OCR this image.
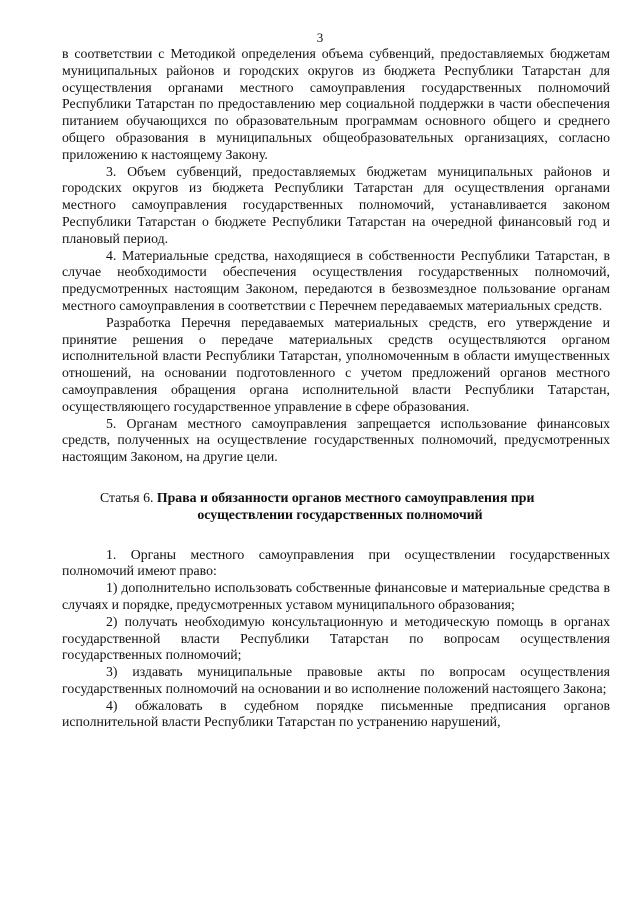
3

в соответствии с Методикой определения объема субвенций, предоставляемых бюджетам муниципальных районов и городских округов из бюджета Республики Татарстан для осуществления органами местного самоуправления государственных полномочий Республики Татарстан по предоставлению мер социальной поддержки в части обеспечения питанием обучающихся по образовательным программам основного общего и среднего общего образования в муниципальных общеобразовательных организациях, согласно приложению к настоящему Закону.

3. Объем субвенций, предоставляемых бюджетам муниципальных районов и городских округов из бюджета Республики Татарстан для осуществления органами местного самоуправления государственных полномочий, устанавливается законом Республики Татарстан о бюджете Республики Татарстан на очередной финансовый год и плановый период.

4. Материальные средства, находящиеся в собственности Республики Татарстан, в случае необходимости обеспечения осуществления государственных полномочий, предусмотренных настоящим Законом, передаются в безвозмездное пользование органам местного самоуправления в соответствии с Перечнем передаваемых материальных средств.

Разработка Перечня передаваемых материальных средств, его утверждение и принятие решения о передаче материальных средств осуществляются органом исполнительной власти Республики Татарстан, уполномоченным в области имущественных отношений, на основании подготовленного с учетом предложений органов местного самоуправления обращения органа исполнительной власти Республики Татарстан, осуществляющего государственное управление в сфере образования.

5. Органам местного самоуправления запрещается использование финансовых средств, полученных на осуществление государственных полномочий, предусмотренных настоящим Законом, на другие цели.

Статья 6. Права и обязанности органов местного самоуправления при
осуществлении государственных полномочий

1. Органы местного самоуправления при осуществлении государственных полномочий имеют право:

1) дополнительно использовать собственные финансовые и материальные средства в случаях и порядке, предусмотренных уставом муниципального образования;

2) получать необходимую консультационную и методическую помощь в органах государственной власти Республики Татарстан по вопросам осуществления государственных полномочий;

3) издавать муниципальные правовые акты по вопросам осуществления государственных полномочий на основании и во исполнение положений настоящего Закона;

4) обжаловать в судебном порядке письменные предписания органов исполнительной власти Республики Татарстан по устранению нарушений,
